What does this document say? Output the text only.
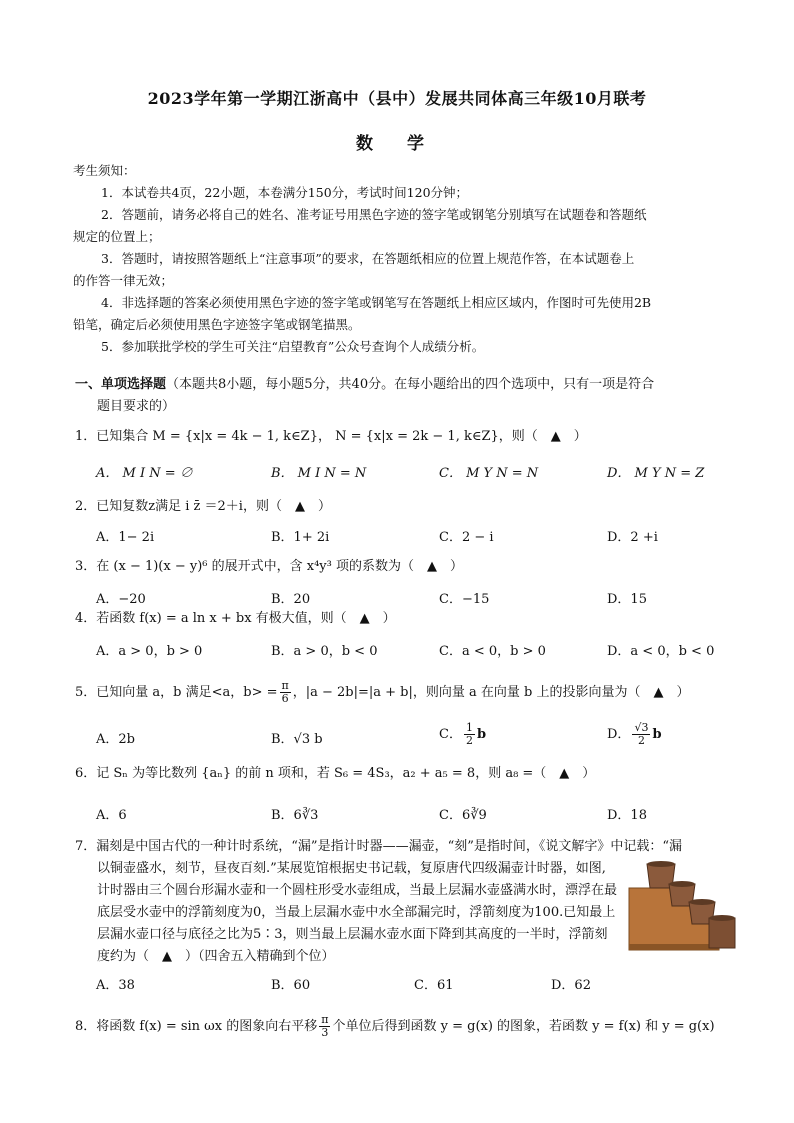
2023学年第一学期江浙高中（县中）发展共同体高三年级10月联考
数 学

考生须知：

1．本试卷共4页，22小题，本卷满分150分，考试时间120分钟；

2．答题前，请务必将自己的姓名、准考证号用黑色字迹的签字笔或钢笔分别填写在试题卷和答题纸

规定的位置上；

3．答题时，请按照答题纸上“注意事项”的要求，在答题纸相应的位置上规范作答，在本试题卷上

的作答一律无效；

4．非选择题的答案必须使用黑色字迹的签字笔或钢笔写在答题纸上相应区域内，作图时可先使用2B

铅笔，确定后必须使用黑色字迹签字笔或钢笔描黑。

5．参加联批学校的学生可关注“启望教育”公众号查询个人成绩分析。

一、单项选择题（本题共8小题，每小题5分，共40分。在每小题给出的四个选项中，只有一项是符合
题目要求的）
1．已知集合 M = {x|x = 4k − 1, k∈Z}， N = {x|x = 2k − 1, k∈Z}，则（　▲　）
A． M I N = ∅	B． M I N = N	C． M Y N = N	D． M Y N = Z
2．已知复数z满足 i z̄ ＝2＋i，则（　▲　）
A．1− 2i	B．1+ 2i	C．2 − i	D．2 +i
3．在 (x − 1)(x − y)⁶ 的展开式中，含 x⁴y³ 项的系数为（　▲　）
A．−20	B．20	C．−15	D．15
4．若函数 f(x) = a ln x + bx 有极大值，则（　▲　）
A．a > 0，b > 0	B．a > 0，b < 0	C．a < 0，b > 0	D．a < 0，b < 0
5．已知向量 a，b 满足<a，$b> = \frac{\pi}{6}$ ，|a − 2b|=|a + b|，则向量 a 在向量 b 上的投影向量为（　▲　）
A．2b	B．√3 b	C． $\frac{1}{2}$ b	D． $\frac{√3}{2}$ b
6．记 Sₙ 为等比数列 {aₙ} 的前 n 项和，若 S₆ = 4S₃，a₂ + a₅ = 8，则 a₈ =（　▲　）
A．6	B．6∛3	C．6∛9	D．18
7．漏刻是中国古代的一种计时系统，“漏”是指计时器——漏壶，“刻”是指时间，《说文解字》中记载：“漏
以铜壶盛水，刻节，昼夜百刻.”某展览馆根据史书记载，复原唐代四级漏壶计时器，如图,计时器由三个圆台形漏水壶和一个圆柱形受水壶组成，当最上层漏水壶盛满水时，漂浮在最底层受水壶中的浮箭刻度为0，当最上层漏水壶中水全部漏完时，浮箭刻度为100.已知最上层漏水壶口径与底径之比为5∶3，则当最上层漏水壶水面下降到其高度的一半时，浮箭刻度约为（　▲　）（四舍五入精确到个位）
A．38	B．60	C．61	D．62
8．将函数 f(x) = sin ωx 的图象向右平移 $\frac{\pi}{3}$ 个单位后得到函数 y = g(x) 的图象，若函数 y = f(x) 和 y = g(x)
